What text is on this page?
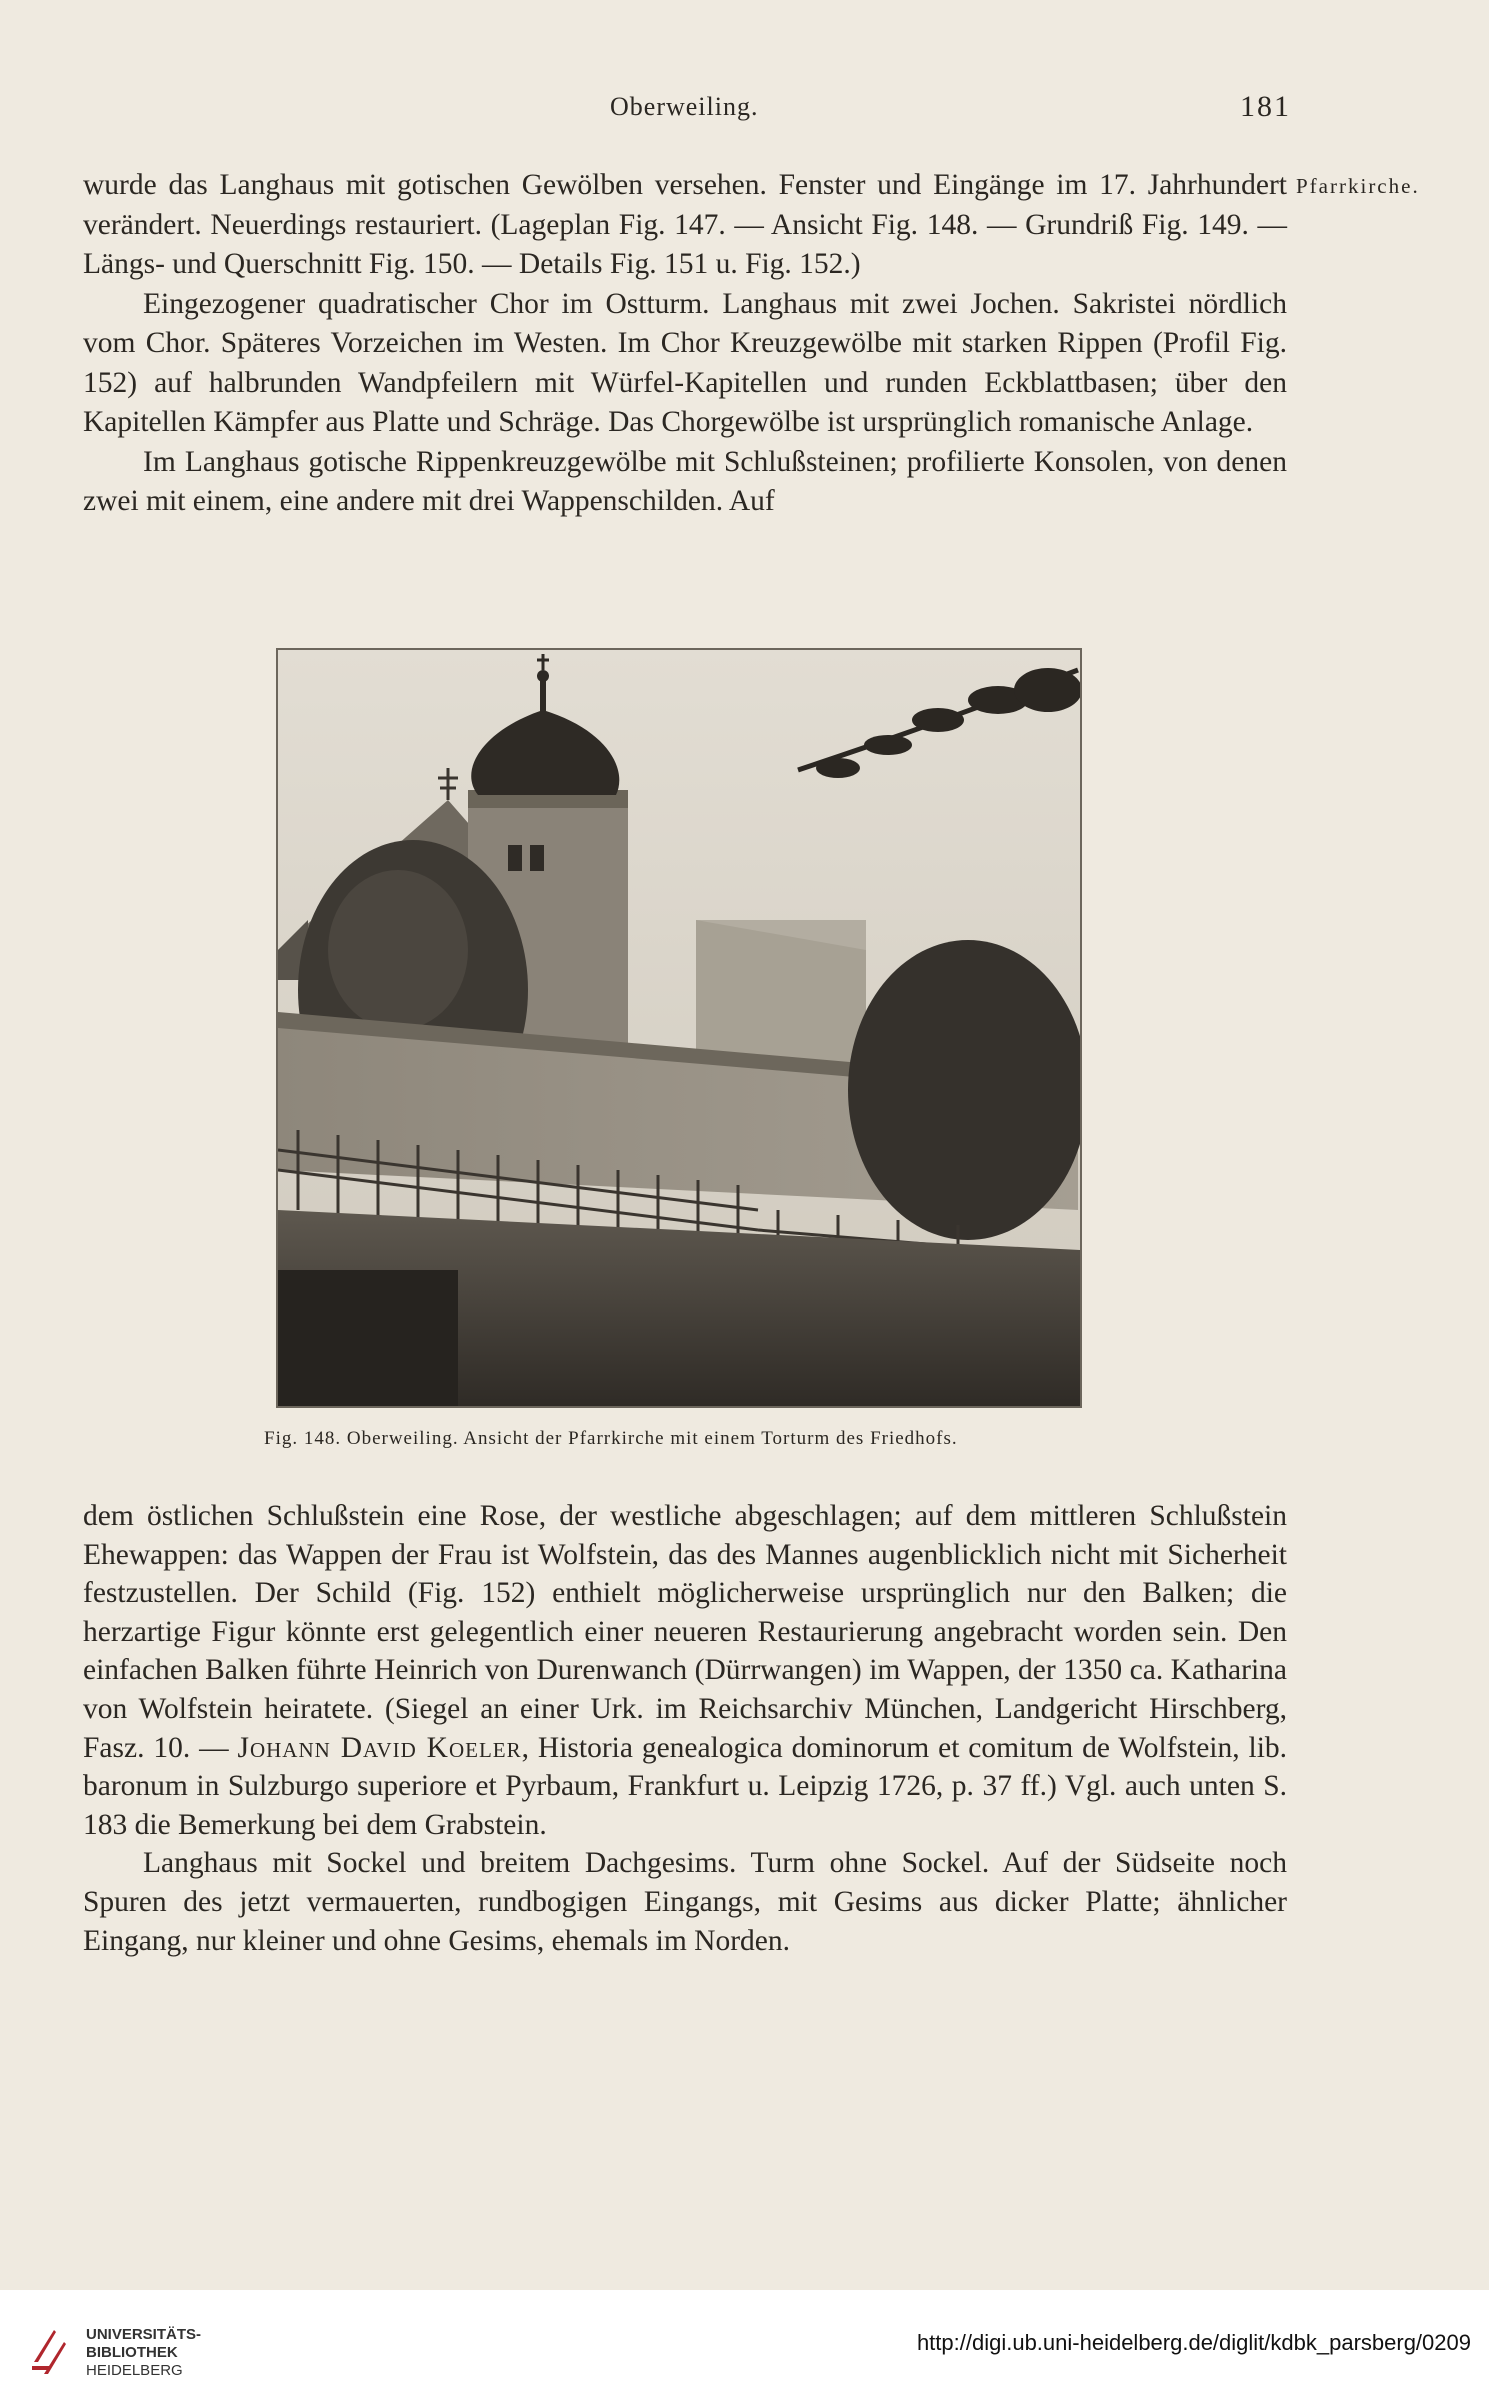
Oberweiling.	181
Pfarrkirche.

wurde das Langhaus mit gotischen Gewölben versehen. Fenster und Eingänge im 17. Jahrhundert verändert. Neuerdings restauriert. (Lageplan Fig. 147. — Ansicht Fig. 148. — Grundriß Fig. 149. — Längs- und Querschnitt Fig. 150. — Details Fig. 151 u. Fig. 152.)

Eingezogener quadratischer Chor im Ostturm. Langhaus mit zwei Jochen. Sakristei nördlich vom Chor. Späteres Vorzeichen im Westen. Im Chor Kreuzgewölbe mit starken Rippen (Profil Fig. 152) auf halbrunden Wandpfeilern mit Würfel-Kapitellen und runden Eckblattbasen; über den Kapitellen Kämpfer aus Platte und Schräge. Das Chorgewölbe ist ursprünglich romanische Anlage.

Im Langhaus gotische Rippenkreuzgewölbe mit Schlußsteinen; profilierte Konsolen, von denen zwei mit einem, eine andere mit drei Wappenschilden. Auf

Fig. 148. Oberweiling. Ansicht der Pfarrkirche mit einem Torturm des Friedhofs.

dem östlichen Schlußstein eine Rose, der westliche abgeschlagen; auf dem mittleren Schlußstein Ehewappen: das Wappen der Frau ist Wolfstein, das des Mannes augenblicklich nicht mit Sicherheit festzustellen. Der Schild (Fig. 152) enthielt möglicherweise ursprünglich nur den Balken; die herzartige Figur könnte erst gelegentlich einer neueren Restaurierung angebracht worden sein. Den einfachen Balken führte Heinrich von Durenwanch (Dürrwangen) im Wappen, der 1350 ca. Katharina von Wolfstein heiratete. (Siegel an einer Urk. im Reichsarchiv München, Landgericht Hirschberg, Fasz. 10. — Johann David Koeler, Historia genealogica dominorum et comitum de Wolfstein, lib. baronum in Sulzburgo superiore et Pyrbaum, Frankfurt u. Leipzig 1726, p. 37 ff.) Vgl. auch unten S. 183 die Bemerkung bei dem Grabstein.

Langhaus mit Sockel und breitem Dachgesims. Turm ohne Sockel. Auf der Südseite noch Spuren des jetzt vermauerten, rundbogigen Eingangs, mit Gesims aus dicker Platte; ähnlicher Eingang, nur kleiner und ohne Gesims, ehemals im Norden.

UNIVERSITÄTS-
BIBLIOTHEK
HEIDELBERG
http://digi.ub.uni-heidelberg.de/diglit/kdbk_parsberg/0209
